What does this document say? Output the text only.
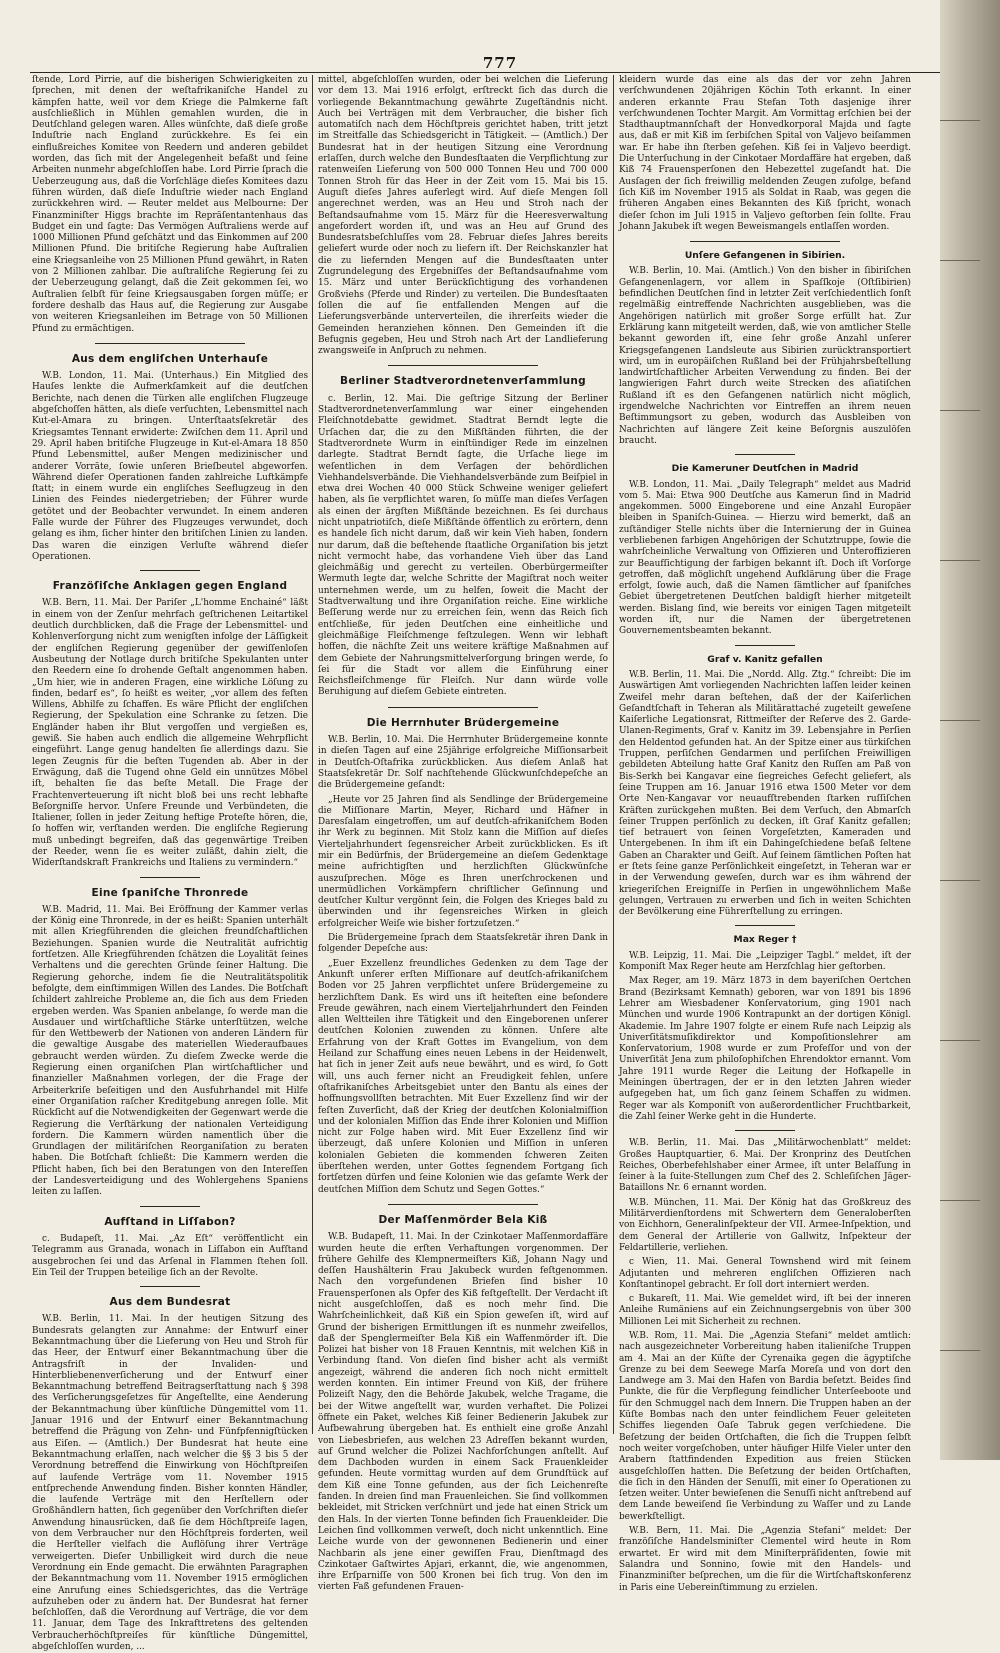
777

ſtende, Lord Pirrie, auf die bisherigen Schwierigkeiten zu ſprechen, mit denen der weſtafrikaniſche Handel zu kämpfen hatte, weil vor dem Kriege die Palmkerne faſt ausſchließlich in Mühlen gemahlen wurden, die in Deutſchland gelegen waren. Alles wünſchte, daß dieſe große Induſtrie nach England zurückkehre. Es ſei ein einflußreiches Komitee von Reedern und anderen gebildet worden, das ſich mit der Angelegenheit befaßt und ſeine Arbeiten nunmehr abgeſchloſſen habe. Lord Pirrie ſprach die Ueberzeugung aus, daß die Vorſchläge dieſes Komitees dazu führen würden, daß dieſe Induſtrie wieder nach England zurückkehren wird. — Reuter meldet aus Melbourne: Der Finanzminiſter Higgs brachte im Repräſentantenhaus das Budget ein und ſagte: Das Vermögen Auſtraliens werde auf 1000 Millionen Pfund geſchätzt und das Einkommen auf 200 Millionen Pfund. Die britiſche Regierung habe Auſtralien eine Kriegsanleihe von 25 Millionen Pfund gewährt, in Raten von 2 Millionen zahlbar. Die auſtraliſche Regierung ſei zu der Ueberzeugung gelangt, daß die Zeit gekommen ſei, wo Auſtralien ſelbſt für ſeine Kriegsausgaben ſorgen müſſe; er fordere deshalb das Haus auf, die Regierung zur Ausgabe von weiteren Kriegsanleihen im Betrage von 50 Millionen Pfund zu ermächtigen.

Aus dem engliſchen Unterhauſe

W.B. London, 11. Mai. (Unterhaus.) Ein Mitglied des Hauſes lenkte die Aufmerkſamkeit auf die deutſchen Berichte, nach denen die Türken alle engliſchen Flugzeuge abgeſchoſſen hätten, als dieſe verſuchten, Lebensmittel nach Kut-el-Amara zu bringen. Unterſtaatsſekretär des Kriegsamtes Tennant erwiderte: Zwiſchen dem 11. April und 29. April haben britiſche Flugzeuge in Kut-el-Amara 18 850 Pfund Lebensmittel, außer Mengen medizinischer und anderer Vorräte, ſowie unſeren Brieſbeutel abgeworfen. Während dieſer Operationen fanden zahlreiche Luftkämpfe ſtatt; in einem wurde ein engliſches Seeflugzeug in den Linien des Feindes niedergetrieben; der Führer wurde getötet und der Beobachter verwundet. In einem anderen Falle wurde der Führer des Flugzeuges verwundet, doch gelang es ihm, ſicher hinter den britiſchen Linien zu landen. Das waren die einzigen Verluſte während dieſer Operationen.

Franzöſiſche Anklagen gegen England

W.B. Bern, 11. Mai. Der Pariſer „L'homme Enchainé“ läßt in einem von der Zenſur mehrfach geſtrichenen Leitartikel deutlich durchblicken, daß die Frage der Lebensmittel- und Kohlenverſorgung nicht zum wenigſten infolge der Läſſigkeit der engliſchen Regierung gegenüber der gewiſſenloſen Ausbeutung der Notlage durch britiſche Spekulanten unter den Reedern eine ſo drohende Geſtalt angenommen haben. „Um hier, wie in anderen Fragen, eine wirkliche Löſung zu finden, bedarf es“, ſo heißt es weiter, „vor allem des feſten Willens, Abhilfe zu ſchaffen. Es wäre Pflicht der engliſchen Regierung, der Spekulation eine Schranke zu ſetzen. Die Engländer haben ihr Blut vergoſſen und vergießen es, gewiß. Sie haben auch endlich die allgemeine Wehrpflicht eingeführt. Lange genug handelten ſie allerdings dazu. Sie legen Zeugnis für die beſten Tugenden ab. Aber in der Erwägung, daß die Tugend ohne Geld ein unnützes Möbel iſt, behalten ſie das beſte Metall. Die Frage der Frachtenverteuerung iſt nicht bloß bei uns recht lebhafte Beſorgniſſe hervor. Unſere Freunde und Verbündeten, die Italiener, ſollen in jeder Zeitung heftige Proteſte hören, die, ſo hoffen wir, verſtanden werden. Die engliſche Regierung muß unbedingt begreifen, daß das gegenwärtige Treiben der Reeder, wenn ſie es weiter zuläßt, dahin zielt, die Widerſtandskraft Frankreichs und Italiens zu vermindern.“

Eine ſpaniſche Thronrede

W.B. Madrid, 11. Mai. Bei Eröffnung der Kammer verlas der König eine Thronrede, in der es heißt: Spanien unterhält mit allen Kriegführenden die gleichen freundſchaftlichen Beziehungen. Spanien wurde die Neutralität aufrichtig fortſetzen. Alle Kriegführenden ſchätzen die Loyalität ſeines Verhaltens und die gerechten Gründe ſeiner Haltung. Die Regierung gehorche, indem ſie die Neutralitätspolitik befolgte, dem einſtimmigen Willen des Landes. Die Botſchaft ſchildert zahlreiche Probleme an, die ſich aus dem Frieden ergeben werden. Was Spanien anbelange, ſo werde man die Ausdauer und wirtſchaftliche Stärke unterſtützen, welche für den Wettbewerb der Nationen von anderen Ländern für die gewaltige Ausgabe des materiellen Wiederaufbaues gebraucht werden würden. Zu dieſem Zwecke werde die Regierung einen organiſchen Plan wirtſchaftlicher und finanzieller Maßnahmen vorlegen, der die Frage der Arbeiterkriſe beſeitigen und den Ausfuhrhandel mit Hilfe einer Organiſation raſcher Kreditgebung anregen ſolle. Mit Rückſicht auf die Notwendigkeiten der Gegenwart werde die Regierung die Verſtärkung der nationalen Verteidigung fordern. Die Kammern würden namentlich über die Grundlagen der militäriſchen Reorganiſation zu beraten haben. Die Botſchaft ſchließt: Die Kammern werden die Pflicht haben, ſich bei den Beratungen von den Intereſſen der Landesverteidigung und des Wohlergehens Spaniens leiten zu laſſen.

Aufſtand in Liſſabon?

c. Budapeſt, 11. Mai. „Az Eſt“ veröffentlicht ein Telegramm aus Granada, wonach in Liſſabon ein Aufſtand ausgebrochen ſei und das Arſenal in Flammen ſtehen ſoll. Ein Teil der Truppen beteilige ſich an der Revolte.

Aus dem Bundesrat

W.B. Berlin, 11. Mai. In der heutigen Sitzung des Bundesrats gelangten zur Annahme: der Entwurf einer Bekanntmachung über die Lieferung von Heu und Stroh für das Heer, der Entwurf einer Bekanntmachung über die Antragsfriſt in der Invaliden- und Hinterbliebenenverſicherung und der Entwurf einer Bekanntmachung betreffend Beitragserſtattung nach § 398 des Verſicherungsgeſetzes für Angeſtellte, eine Aenderung der Bekanntmachung über künſtliche Düngemittel vom 11. Januar 1916 und der Entwurf einer Bekanntmachung betreffend die Prägung von Zehn- und Fünfpfennigſtücken aus Eiſen. — (Amtlich.) Der Bundesrat hat heute eine Bekanntmachung erlaſſen, nach welcher die §§ 3 bis 5 der Verordnung betreffend die Einwirkung von Höchſtpreiſen auf laufende Verträge vom 11. November 1915 entſprechende Anwendung finden. Bisher konnten Händler, die laufende Verträge mit den Herſtellern oder Großhändlern hatten, ſich gegenüber den Vorſchriften dieſer Anwendung hinausrücken, daß ſie dem Höchſtpreiſe lagen, von dem Verbraucher nur den Höchſtpreis forderten, weil die Herſteller vielfach die Auflöſung ihrer Verträge verweigerten. Dieſer Unbilligkeit wird durch die neue Verordnung ein Ende gemacht. Die erwähnten Paragraphen der Bekanntmachung vom 11. November 1915 ermöglichen eine Anrufung eines Schiedsgerichtes, das die Verträge aufzuheben oder zu ändern hat. Der Bundesrat hat ferner beſchloſſen, daß die Verordnung auf Verträge, die vor dem 11. Januar, dem Tage des Inkrafttretens des geltenden Verbraucherhöchſtpreiſes für künſtliche Düngemittel, abgeſchloſſen wurden, ...

mittel, abgeſchloſſen wurden, oder bei welchen die Lieferung vor dem 13. Mai 1916 erfolgt, erſtreckt ſich das durch die vorliegende Bekanntmachung gewährte Zugeſtändnis nicht. Auch bei Verträgen mit dem Verbraucher, die bisher ſich automatiſch nach dem Höchſtpreis gerichtet haben, tritt jetzt im Streitfalle das Schiedsgericht in Tätigkeit. — (Amtlich.) Der Bundesrat hat in der heutigen Sitzung eine Verordnung erlaſſen, durch welche den Bundesſtaaten die Verpflichtung zur ratenweiſen Lieferung von 500 000 Tonnen Heu und 700 000 Tonnen Stroh für das Heer in der Zeit vom 15. Mai bis 15. Auguſt dieſes Jahres auferlegt wird. Auf dieſe Mengen ſoll angerechnet werden, was an Heu und Stroh nach der Beſtandsaufnahme vom 15. März für die Heeresverwaltung angefordert worden iſt, und was an Heu auf Grund des Bundesratsbeſchluſſes vom 28. Februar dieſes Jahres bereits geliefert wurde oder noch zu liefern iſt. Der Reichskanzler hat die zu liefernden Mengen auf die Bundesſtaaten unter Zugrundelegung des Ergebniſſes der Beſtandsaufnahme vom 15. März und unter Berückſichtigung des vorhandenen Großviehs (Pferde und Rinder) zu verteilen. Die Bundesſtaaten ſollen die auf ſie entfallenden Mengen auf die Lieferungsverbände unterverteilen, die ihrerſeits wieder die Gemeinden heranziehen können. Den Gemeinden iſt die Befugnis gegeben, Heu und Stroh nach Art der Landlieferung zwangsweiſe in Anſpruch zu nehmen.

Berliner Stadtverordnetenverſammlung

c. Berlin, 12. Mai. Die geſtrige Sitzung der Berliner Stadtverordnetenverſammlung war einer eingehenden Fleiſchnotdebatte gewidmet. Stadtrat Berndt legte die Urſachen dar, die zu den Mißſtänden führten, die der Stadtverordnete Wurm in einſtündiger Rede im einzelnen darlegte. Stadtrat Berndt ſagte, die Urſache liege im weſentlichen in dem Verſagen der behördlichen Viehhandelsverbände. Die Viehhandelsverbände zum Beiſpiel in etwa drei Wochen 40 000 Stück Schweine weniger geliefert haben, als ſie verpflichtet waren, ſo müſſe man dieſes Verſagen als einen der ärgſten Mißſtände bezeichnen. Es ſei durchaus nicht unpatriotiſch, dieſe Mißſtände öffentlich zu erörtern, denn es handele ſich nicht darum, daß wir kein Vieh haben, ſondern nur darum, daß die beſtehende ſtaatliche Organiſation bis jetzt nicht vermocht habe, das vorhandene Vieh über das Land gleichmäßig und gerecht zu verteilen. Oberbürgermeiſter Wermuth legte dar, welche Schritte der Magiſtrat noch weiter unternehmen werde, um zu helfen, ſoweit die Macht der Stadtverwaltung und ihre Organiſation reiche. Eine wirkliche Beſſerung werde nur zu erreichen ſein, wenn das Reich ſich entſchließe, für jeden Deutſchen eine einheitliche und gleichmäßige Fleiſchmenge feſtzulegen. Wenn wir lebhaft hoffen, die nächſte Zeit uns weitere kräftige Maßnahmen auf dem Gebiete der Nahrungsmittelverſorgung bringen werde, ſo ſei für die Stadt vor allem die Einführung einer Reichsfleiſchmenge für Fleiſch. Nur dann würde volle Beruhigung auf dieſem Gebiete eintreten.

Die Herrnhuter Brüdergemeine

W.B. Berlin, 10. Mai. Die Herrnhuter Brüdergemeine konnte in dieſen Tagen auf eine 25jährige erfolgreiche Miſſionsarbeit in Deutſch-Oſtafrika zurückblicken. Aus dieſem Anlaß hat Staatsſekretär Dr. Solf nachſtehende Glückwunſchdepeſche an die Brüdergemeine geſandt:

„Heute vor 25 Jahren ſind als Sendlinge der Brüdergemeine die Miſſionare Martin, Meyer, Richard und Häfner in Daresſalam eingetroffen, um auf deutſch-afrikaniſchem Boden ihr Werk zu beginnen. Mit Stolz kann die Miſſion auf dieſes Vierteljahrhundert ſegensreicher Arbeit zurückblicken. Es iſt mir ein Bedürfnis, der Brüdergemeine an dieſem Gedenktage meine aufrichtigſten und herzlichſten Glückwünſche auszuſprechen. Möge es Ihren unerſchrockenen und unermüdlichen Vorkämpfern chriſtlicher Geſinnung und deutſcher Kultur vergönnt ſein, die Folgen des Krieges bald zu überwinden und ihr ſegensreiches Wirken in gleich erfolgreicher Weiſe wie bisher fortzuſetzen.“

Die Brüdergemeine ſprach dem Staatsſekretär ihren Dank in folgender Depeſche aus:

„Euer Exzellenz freundliches Gedenken zu dem Tage der Ankunft unſerer erſten Miſſionare auf deutſch-afrikaniſchem Boden vor 25 Jahren verpflichtet unſere Brüdergemeine zu herzlichſtem Dank. Es wird uns iſt heiteſten eine beſondere Freude gewähren, nach einem Vierteljahrhundert den Feinden allen Weltteilen ihre Tätigkeit und den Eingeborenen unſerer deutſchen Kolonien zuwenden zu können. Unſere alte Erfahrung von der Kraft Gottes im Evangelium, von dem Heiland zur Schaffung eines neuen Lebens in der Heidenwelt, hat ſich in jener Zeit aufs neue bewährt, und es wird, ſo Gott will, uns auch ferner nicht an Freudigkeit fehlen, unſere oſtafrikaniſches Arbeitsgebiet unter den Bantu als eines der hoffnungsvollſten betrachten. Mit Euer Exzellenz ſind wir der feſten Zuverſicht, daß der Krieg der deutſchen Kolonialmiſſion und der kolonialen Miſſion das Ende ihrer Kolonien und Miſſion nicht zur Folge haben wird. Mit Euer Exzellenz ſind wir überzeugt, daß unſere Kolonien und Miſſion in unſeren kolonialen Gebieten die kommenden ſchweren Zeiten überſtehen werden, unter Gottes ſegnendem Fortgang ſich fortſetzen dürfen und ſeine Kolonien wie das geſamte Werk der deutſchen Miſſion dem Schutz und Segen Gottes.“

Der Maſſenmörder Bela Kiß

W.B. Budapeſt, 11. Mai. In der Czinkotaer Maſſenmordaffäre wurden heute die erſten Verhaftungen vorgenommen. Der frühere Gehilfe des Klempnermeiſters Kiß, Johann Nagy und deſſen Haushälterin Frau Jakubeck wurden feſtgenommen. Nach den vorgefundenen Briefen ſind bisher 10 Frauensperſonen als Opfer des Kiß feſtgeſtellt. Der Verdacht iſt nicht ausgeſchloſſen, daß es noch mehr ſind. Die Wahrſcheinlichkeit, daß Kiß ein Spion geweſen iſt, wird auf Grund der bisherigen Ermittlungen iſt es nunmehr zweifellos, daß der Spenglermeiſter Bela Kiß ein Waffenmörder iſt. Die Polizei hat bisher von 18 Frauen Kenntnis, mit welchen Kiß in Verbindung ſtand. Von dieſen ſind bisher acht als vermißt angezeigt, während die anderen ſich noch nicht ermittelt werden konnten. Ein intimer Freund von Kiß, der frühere Polizeiſt Nagy, den die Behörde Jakubek, welche Tragame, die bei der Witwe angeſtellt war, wurden verhaftet. Die Polizei öffnete ein Paket, welches Kiß ſeiner Bedienerin Jakubek zur Aufbewahrung übergeben hat. Es enthielt eine große Anzahl von Liebesbriefen, aus welchen 23 Adreſſen bekannt wurden, auf Grund welcher die Polizei Nachforſchungen anſtellt. Auf dem Dachboden wurden in einem Sack Frauenkleider gefunden. Heute vormittag wurden auf dem Grundſtück auf dem Kiß eine Tonne gefunden, aus der ſich Leichenreſte fanden. In dreien ſind man Frauenleichen. Sie ſind vollkommen bekleidet, mit Stricken verſchnürt und jede hat einen Strick um den Hals. In der vierten Tonne befinden ſich Frauenkleider. Die Leichen ſind vollkommen verweſt, doch nicht unkenntlich. Eine Leiche wurde von der gewonnenen Bedienerin und einer Nachbarin als jene einer gewiſſen Frau, Dienſtmagd des Czinkotaer Gaſtwirtes Apjari, erkannt, die, wie angenommen, ihre Erſparniſſe von 500 Kronen bei ſich trug. Von den im vierten Faß gefundenen Frauen-

kleidern wurde das eine als das der vor zehn Jahren verſchwundenen 20jährigen Köchin Toth erkannt. In einer anderen erkannte Frau Stefan Toth dasjenige ihrer verſchwundenen Tochter Margit. Am Vormittag erſchien bei der Stadthauptmannſchaft der Honvedkorporal Majda und ſagte aus, daß er mit Kiß im ſerbiſchen Spital von Valjevo beiſammen war. Er habe ihn ſterben geſehen. Kiß ſei in Valjevo beerdigt. Die Unterſuchung in der Cinkotaer Mordaffäre hat ergeben, daß Kiß 74 Frauensperſonen den Hebezettel zugeſandt hat. Die Ausſagen der ſich freiwillig meldenden Zeugen zufolge, befand ſich Kiß im November 1915 als Soldat in Raab, was gegen die früheren Angaben eines Bekannten des Kiß ſpricht, wonach dieſer ſchon im Juli 1915 in Valjevo geſtorben ſein ſollte. Frau Johann Jakubek iſt wegen Beweismangels entlaſſen worden.

Unſere Gefangenen in Sibirien.

W.B. Berlin, 10. Mai. (Amtlich.) Von den bisher in ſibiriſchen Gefangenenlagern, vor allem in Spaſſkoje (Oſtſibirien) befindlichen Deutſchen ſind in letzter Zeit verſchiedentlich ſonſt regelmäßig eintreffende Nachrichten ausgeblieben, was die Angehörigen natürlich mit großer Sorge erfüllt hat. Zur Erklärung kann mitgeteilt werden, daß, wie von amtlicher Stelle bekannt geworden iſt, eine ſehr große Anzahl unſerer Kriegsgefangenen Landsleute aus Sibirien zurücktransportiert wird, um in europäiſchen Rußland bei der Frühjahrsbeſtellung landwirtſchaftlicher Arbeiten Verwendung zu finden. Bei der langwierigen Fahrt durch weite Strecken des aſiatiſchen Rußland iſt es den Gefangenen natürlich nicht möglich, irgendwelche Nachrichten vor Eintreffen an ihrem neuen Beſtimmungsort zu geben, wodurch das Ausbleiben von Nachrichten auf längere Zeit keine Beſorgnis auszulöſen braucht.

Die Kameruner Deutſchen in Madrid

W.B. London, 11. Mai. „Daily Telegraph“ meldet aus Madrid vom 5. Mai: Etwa 900 Deutſche aus Kamerun ſind in Madrid angekommen. 5000 Eingeborene und eine Anzahl Europäer bleiben in Spaniſch-Guinea. — Hierzu wird bemerkt, daß an zuſtändiger Stelle nichts über die Internierung der in Guinea verbliebenen farbigen Angehörigen der Schutztruppe, ſowie die wahrſcheinliche Verwaltung von Offizieren und Unteroffizieren zur Beaufſichtigung der farbigen bekannt iſt. Doch iſt Vorſorge getroffen, daß möglichſt ungehend Aufklärung über die Frage erfolgt, ſowie auch, daß die Namen ſämtlicher auf ſpaniſches Gebiet übergetretenen Deutſchen baldigſt hierher mitgeteilt werden. Bislang ſind, wie bereits vor einigen Tagen mitgeteilt worden iſt, nur die Namen der übergetretenen Gouvernementsbeamten bekannt.

Graf v. Kanitz gefallen

W.B. Berlin, 11. Mai. Die „Nordd. Allg. Ztg.“ ſchreibt: Die im Auswärtigen Amt vorliegenden Nachrichten laſſen leider keinen Zweifel mehr daran beſtehen, daß der der Kaiſerlichen Geſandtſchaft in Teheran als Militärattaché zugeteilt geweſene Kaiſerliche Legationsrat, Rittmeiſter der Reſerve des 2. Garde-Ulanen-Regiments, Graf v. Kanitz im 39. Lebensjahre in Perſien den Heldentod gefunden hat. An der Spitze einer aus türkiſchen Truppen, perſiſchen Gendarmen und perſiſchen Freiwilligen gebildeten Abteilung hatte Graf Kanitz den Ruſſen am Paß von Bis-Serkh bei Kangavar eine ſiegreiches Gefecht geliefert, als ſeine Truppen am 16. Januar 1916 etwa 1500 Meter vor dem Orte Nen-Kangavar vor neuaufſtrebenden ſtarken ruſſiſchen Kräften zurückgehen mußten. Bei dem Verſuch, den Abmarſch ſeiner Truppen perſönlich zu decken, iſt Graf Kanitz gefallen; tief betrauert von ſeinen Vorgeſetzten, Kameraden und Untergebenen. In ihm iſt ein Dahingeſchiedene beſaß ſeltene Gaben an Charakter und Geiſt. Auf ſeinem ſämtlichen Poſten hat er ſtets ſeine ganze Perſönlichkeit eingeſetzt, in Teheran war er in der Verwendung geweſen, durch war es ihm während der kriegeriſchen Ereigniſſe in Perſien in ungewöhnlichem Maße gelungen, Vertrauen zu erwerben und ſich in weiten Schichten der Bevölkerung eine Führerſtellung zu erringen.

Max Reger †

W.B. Leipzig, 11. Mai. Die „Leipziger Tagbl.“ meldet, iſt der Komponiſt Max Reger heute am Herzſchlag hier geſtorben.

Max Reger, am 19. März 1873 in dem bayeriſchen Oertchen Brand (Bezirksamt Kemnath) geboren, war von 1891 bis 1896 Lehrer am Wiesbadener Konſervatorium, ging 1901 nach München und wurde 1906 Kontrapunkt an der dortigen Königl. Akademie. Im Jahre 1907 folgte er einem Rufe nach Leipzig als Univerſitätsmuſikdirektor und Kompoſitionslehrer am Konſervatorium, 1908 wurde er zum Profeſſor und von der Univerſität Jena zum philoſophiſchen Ehrendoktor ernannt. Vom Jahre 1911 wurde Reger die Leitung der Hofkapelle in Meiningen übertragen, der er in den letzten Jahren wieder aufgegeben hat, um ſich ganz ſeinem Schaffen zu widmen. Reger war als Komponiſt von außerordentlicher Fruchtbarkeit, die Zahl ſeiner Werke geht in die Hunderte.

W.B. Berlin, 11. Mai. Das „Militärwochenblatt“ meldet: Großes Hauptquartier, 6. Mai. Der Kronprinz des Deutſchen Reiches, Oberbefehlshaber einer Armee, iſt unter Belaſſung in ſeiner à la ſuite-Stellungen zum Chef des 2. Schleſiſchen Jäger-Bataillons Nr. 6 ernannt worden.

W.B. München, 11. Mai. Der König hat das Großkreuz des Militärverdienſtordens mit Schwertern dem Generaloberſten von Eichhorn, Generalinſpekteur der VII. Armee-Inſpektion, und dem General der Artillerie von Gallwitz, Inſpekteur der Feldartillerie, verliehen.

c Wien, 11. Mai. General Townshend wird mit ſeinem Adjutanten und mehreren engliſchen Offizieren nach Konſtantinopel gebracht. Er ſoll dort interniert werden.

c Bukareſt, 11. Mai. Wie gemeldet wird, iſt bei der inneren Anleihe Rumäniens auf ein Zeichnungsergebnis von über 300 Millionen Lei mit Sicherheit zu rechnen.

W.B. Rom, 11. Mai. Die „Agenzia Stefani“ meldet amtlich: nach ausgezeichneter Vorbereitung haben italieniſche Truppen am 4. Mai an der Küſte der Cyrenaika gegen die ägyptiſche Grenze zu bei dem Seewege Marſa Moreſa und von dort den Landwege am 3. Mai den Hafen von Bardia beſetzt. Beides ſind Punkte, die für die Verpflegung feindlicher Unterſeeboote und für den Schmuggel nach dem Innern. Die Truppen haben an der Küſte Bombas nach den unter feindlichem Feuer geleiteten Schiffes liegenden Oaſe Tabruk gegen verſchiedene. Die Beſetzung der beiden Ortſchaften, die ſich die Truppen ſelbſt noch weiter vorgeſchoben, unter häufiger Hilfe Vieler unter den Arabern ſtattfindenden Expedition aus freien Stücken ausgeſchloſſen hatten. Die Beſetzung der beiden Ortſchaften, die ſich in den Händen der Senuſſi, mit einer ſo Operationen zu ſetzen weiter. Unter bewieſenen die Senuſſi nicht anſtrebend auf dem Lande beweiſend ſie Verbindung zu Waſſer und zu Lande bewerkſtelligt.

W.B. Bern, 11. Mai. Die „Agenzia Stefani“ meldet: Der franzöſiſche Handelsminiſter Clementel wird heute in Rom erwartet. Er wird mit dem Miniſterpräſidenten, ſowie mit Salandra und Sonnino, ſowie mit den Handels- und Finanzminiſter beſprechen, um die für die Wirtſchaftskonferenz in Paris eine Uebereinſtimmung zu erzielen.
